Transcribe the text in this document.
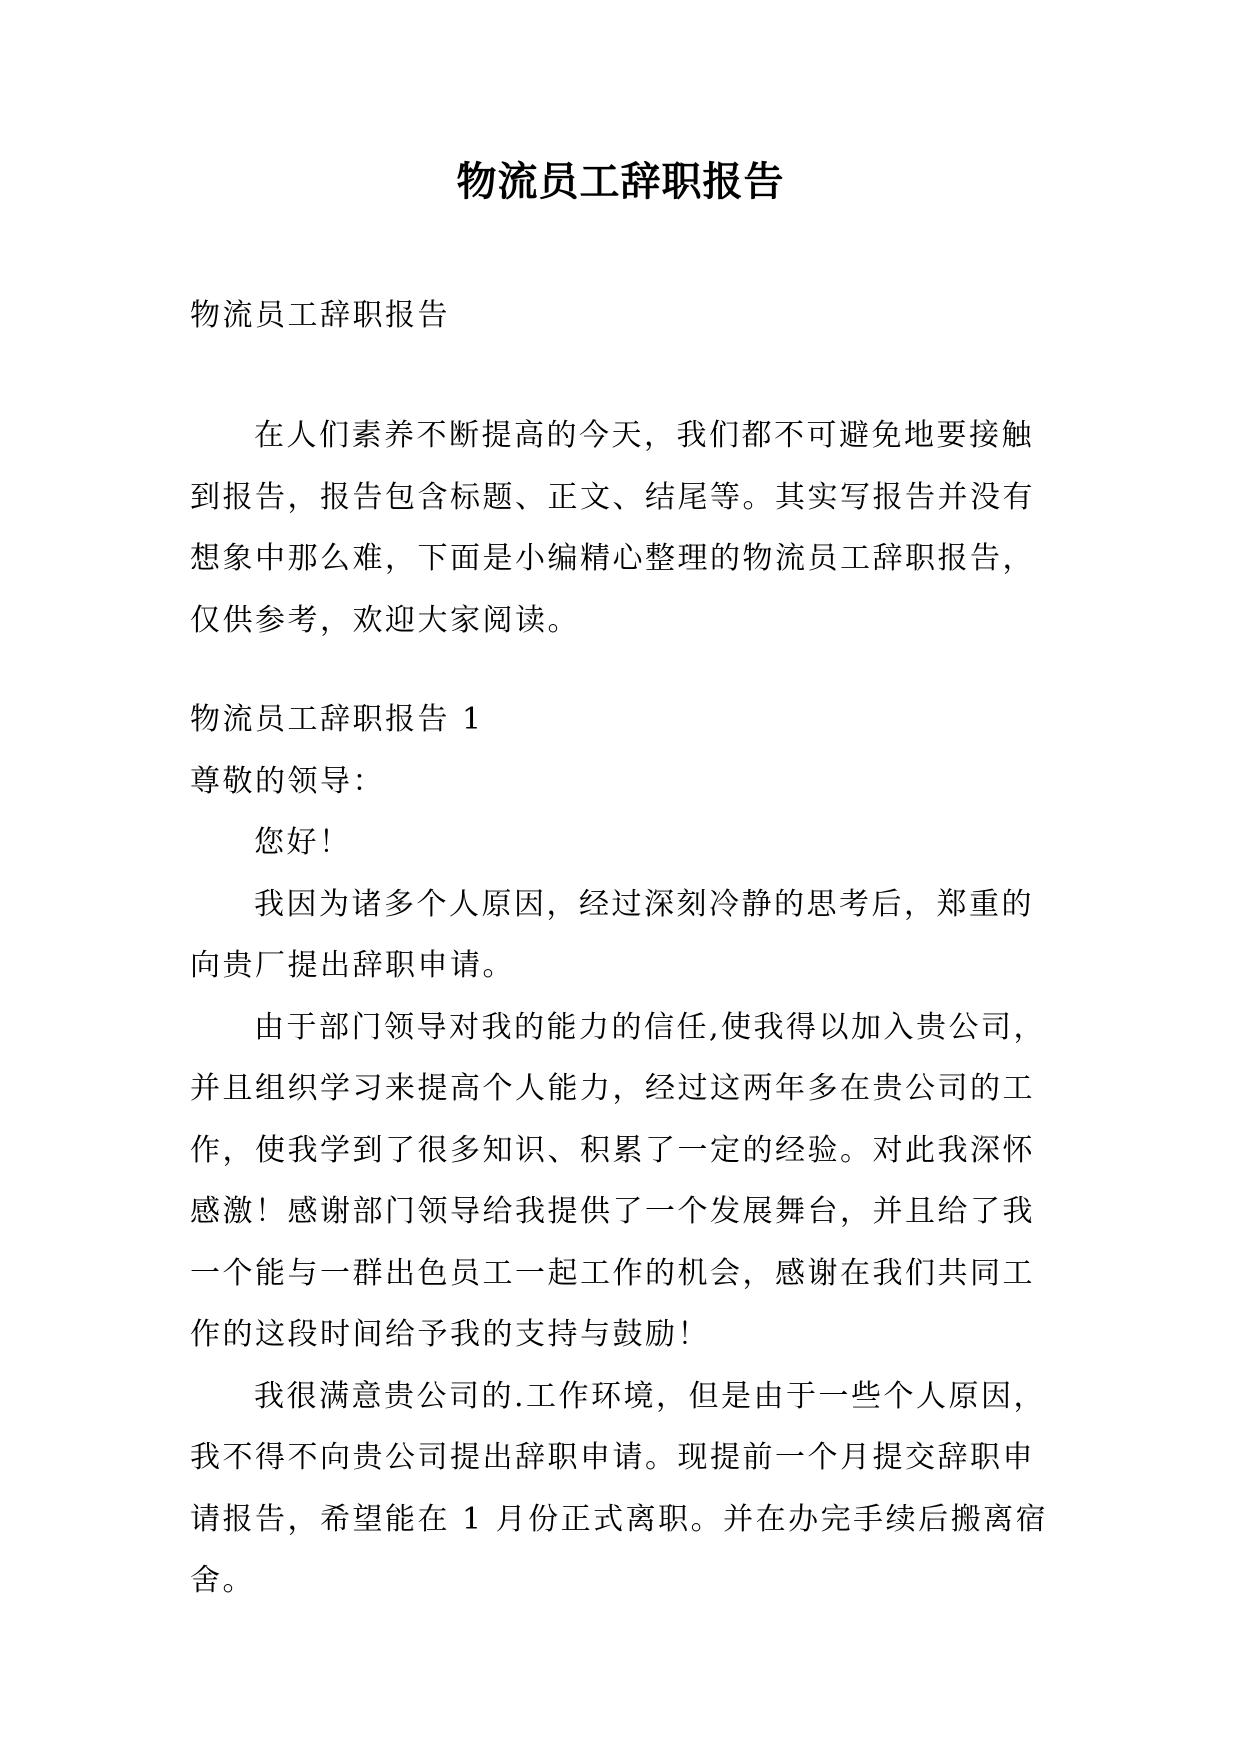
物流员工辞职报告

物流员工辞职报告

在人们素养不断提高的今天，我们都不可避免地要接触到报告，报告包含标题、正文、结尾等。其实写报告并没有想象中那么难，下面是小编精心整理的物流员工辞职报告，仅供参考，欢迎大家阅读。

物流员工辞职报告 1

尊敬的领导：

您好！

我因为诸多个人原因，经过深刻冷静的思考后，郑重的向贵厂提出辞职申请。

由于部门领导对我的能力的信任,使我得以加入贵公司，并且组织学习来提高个人能力，经过这两年多在贵公司的工作，使我学到了很多知识、积累了一定的经验。对此我深怀感激！感谢部门领导给我提供了一个发展舞台，并且给了我一个能与一群出色员工一起工作的机会，感谢在我们共同工作的这段时间给予我的支持与鼓励！

我很满意贵公司的.工作环境，但是由于一些个人原因，我不得不向贵公司提出辞职申请。现提前一个月提交辞职申请报告，希望能在 1 月份正式离职。并在办完手续后搬离宿舍。
